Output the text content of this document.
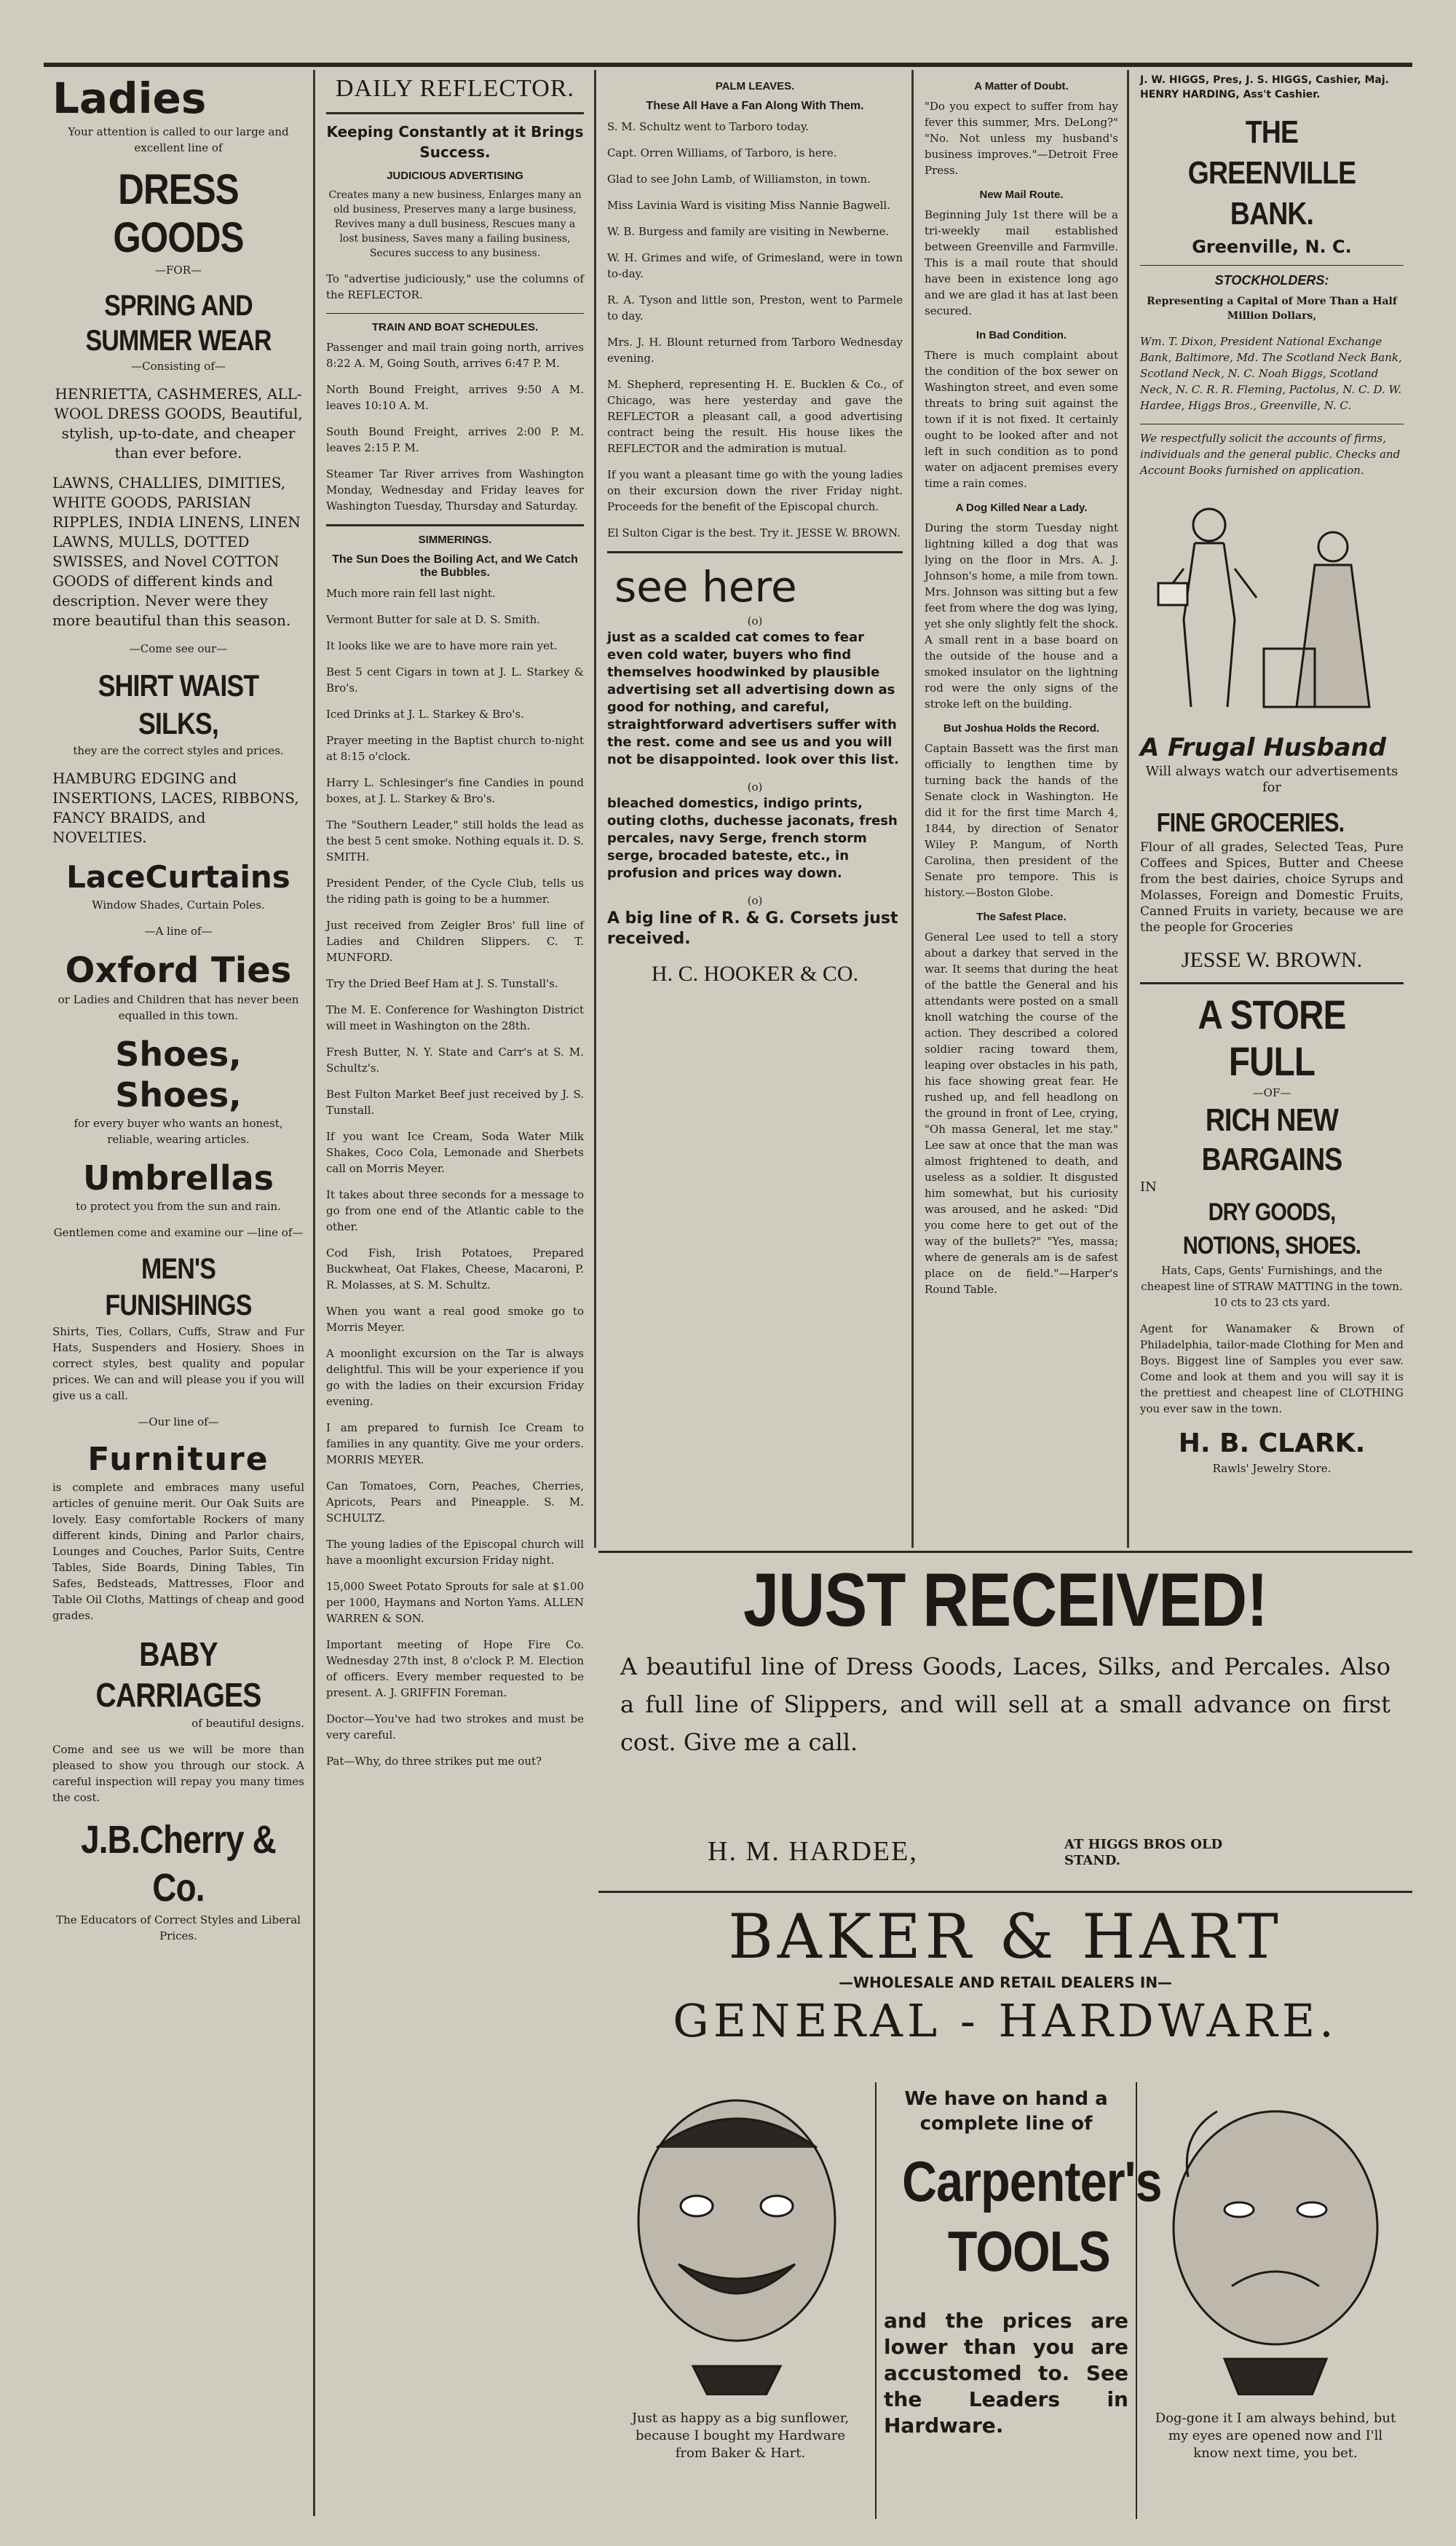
Ladies

Your attention is called to our large and excellent line of

DRESS GOODS

—FOR—

SPRING AND SUMMER WEAR

—Consisting of—

HENRIETTA, CASHMERES, ALL-WOOL DRESS GOODS, Beautiful, stylish, up-to-date, and cheaper than ever before.

LAWNS, CHALLIES, DIMITIES, WHITE GOODS, PARISIAN RIPPLES, INDIA LINENS, LINEN LAWNS, MULLS, DOTTED SWISSES, and Novel COTTON GOODS of different kinds and description. Never were they more beautiful than this season.

—Come see our—

SHIRT WAIST SILKS,

they are the correct styles and prices.

HAMBURG EDGING and INSERTIONS, LACES, RIBBONS, FANCY BRAIDS, and NOVELTIES.

LaceCurtains

Window Shades, Curtain Poles.

—A line of—

Oxford Ties

or Ladies and Children that has never been equalled in this town.

Shoes, Shoes,

for every buyer who wants an honest, reliable, wearing articles.

Umbrellas

to protect you from the sun and rain.

Gentlemen come and examine our —line of—

MEN'S FUNISHINGS

Shirts, Ties, Collars, Cuffs, Straw and Fur Hats, Suspenders and Hosiery. Shoes in correct styles, best quality and popular prices. We can and will please you if you will give us a call.

—Our line of—

Furniture

is complete and embraces many useful articles of genuine merit. Our Oak Suits are lovely. Easy comfortable Rockers of many different kinds, Dining and Parlor chairs, Lounges and Couches, Parlor Suits, Centre Tables, Side Boards, Dining Tables, Tin Safes, Bedsteads, Mattresses, Floor and Table Oil Cloths, Mattings of cheap and good grades.

BABY CARRIAGES

of beautiful designs.

Come and see us we will be more than pleased to show you through our stock. A careful inspection will repay you many times the cost.

J.B.Cherry & Co.

The Educators of Correct Styles and Liberal Prices.

DAILY REFLECTOR.
Keeping Constantly at it Brings Success.
JUDICIOUS ADVERTISING

Creates many a new business, Enlarges many an old business, Preserves many a large business, Revives many a dull business, Rescues many a lost business, Saves many a failing business, Secures success to any business.

To "advertise judiciously," use the columns of the REFLECTOR.

TRAIN AND BOAT SCHEDULES.

Passenger and mail train going north, arrives 8:22 A. M, Going South, arrives 6:47 P. M.

North Bound Freight, arrives 9:50 A M. leaves 10:10 A. M.

South Bound Freight, arrives 2:00 P. M. leaves 2:15 P. M.

Steamer Tar River arrives from Washington Monday, Wednesday and Friday leaves for Washington Tuesday, Thursday and Saturday.

SIMMERINGS.
The Sun Does the Boiling Act, and We Catch the Bubbles.

Much more rain fell last night.

Vermont Butter for sale at D. S. Smith.

It looks like we are to have more rain yet.

Best 5 cent Cigars in town at J. L. Starkey & Bro's.

Iced Drinks at J. L. Starkey & Bro's.

Prayer meeting in the Baptist church to-night at 8:15 o'clock.

Harry L. Schlesinger's fine Candies in pound boxes, at J. L. Starkey & Bro's.

The "Southern Leader," still holds the lead as the best 5 cent smoke. Nothing equals it. D. S. SMITH.

President Pender, of the Cycle Club, tells us the riding path is going to be a hummer.

Just received from Zeigler Bros' full line of Ladies and Children Slippers. C. T. MUNFORD.

Try the Dried Beef Ham at J. S. Tunstall's.

The M. E. Conference for Washington District will meet in Washington on the 28th.

Fresh Butter, N. Y. State and Carr's at S. M. Schultz's.

Best Fulton Market Beef just received by J. S. Tunstall.

If you want Ice Cream, Soda Water Milk Shakes, Coco Cola, Lemonade and Sherbets call on Morris Meyer.

It takes about three seconds for a message to go from one end of the Atlantic cable to the other.

Cod Fish, Irish Potatoes, Prepared Buckwheat, Oat Flakes, Cheese, Macaroni, P. R. Molasses, at S. M. Schultz.

When you want a real good smoke go to Morris Meyer.

A moonlight excursion on the Tar is always delightful. This will be your experience if you go with the ladies on their excursion Friday evening.

I am prepared to furnish Ice Cream to families in any quantity. Give me your orders. MORRIS MEYER.

Can Tomatoes, Corn, Peaches, Cherries, Apricots, Pears and Pineapple. S. M. SCHULTZ.

The young ladies of the Episcopal church will have a moonlight excursion Friday night.

15,000 Sweet Potato Sprouts for sale at $1.00 per 1000, Haymans and Norton Yams. ALLEN WARREN & SON.

Important meeting of Hope Fire Co. Wednesday 27th inst, 8 o'clock P. M. Election of officers. Every member requested to be present. A. J. GRIFFIN Foreman.

Doctor—You've had two strokes and must be very careful.

Pat—Why, do three strikes put me out?

PALM LEAVES.
These All Have a Fan Along With Them.

S. M. Schultz went to Tarboro today.

Capt. Orren Williams, of Tarboro, is here.

Glad to see John Lamb, of Williamston, in town.

Miss Lavinia Ward is visiting Miss Nannie Bagwell.

W. B. Burgess and family are visiting in Newberne.

W. H. Grimes and wife, of Grimesland, were in town to-day.

R. A. Tyson and little son, Preston, went to Parmele to day.

Mrs. J. H. Blount returned from Tarboro Wednesday evening.

M. Shepherd, representing H. E. Bucklen & Co., of Chicago, was here yesterday and gave the REFLECTOR a pleasant call, a good advertising contract being the result. His house likes the REFLECTOR and the admiration is mutual.

If you want a pleasant time go with the young ladies on their excursion down the river Friday night. Proceeds for the benefit of the Episcopal church.

El Sulton Cigar is the best. Try it. JESSE W. BROWN.

see here
(o)

just as a scalded cat comes to fear even cold water, buyers who find themselves hoodwinked by plausible advertising set all advertising down as good for nothing, and careful, straightforward advertisers suffer with the rest. come and see us and you will not be disappointed. look over this list.

(o)

bleached domestics, indigo prints, outing cloths, duchesse jaconats, fresh percales, navy Serge, french storm serge, brocaded bateste, etc., in profusion and prices way down.

(o)

A big line of R. & G. Corsets just received.

H. C. HOOKER & CO.
A Matter of Doubt.

"Do you expect to suffer from hay fever this summer, Mrs. DeLong?" "No. Not unless my husband's business improves."—Detroit Free Press.

New Mail Route.

Beginning July 1st there will be a tri-weekly mail established between Greenville and Farmville. This is a mail route that should have been in existence long ago and we are glad it has at last been secured.

In Bad Condition.

There is much complaint about the condition of the box sewer on Washington street, and even some threats to bring suit against the town if it is not fixed. It certainly ought to be looked after and not left in such condition as to pond water on adjacent premises every time a rain comes.

A Dog Killed Near a Lady.

During the storm Tuesday night lightning killed a dog that was lying on the floor in Mrs. A. J. Johnson's home, a mile from town. Mrs. Johnson was sitting but a few feet from where the dog was lying, yet she only slightly felt the shock. A small rent in a base board on the outside of the house and a smoked insulator on the lightning rod were the only signs of the stroke left on the building.

But Joshua Holds the Record.

Captain Bassett was the first man officially to lengthen time by turning back the hands of the Senate clock in Washington. He did it for the first time March 4, 1844, by direction of Senator Wiley P. Mangum, of North Carolina, then president of the Senate pro tempore. This is history.—Boston Globe.

The Safest Place.

General Lee used to tell a story about a darkey that served in the war. It seems that during the heat of the battle the General and his attendants were posted on a small knoll watching the course of the action. They described a colored soldier racing toward them, leaping over obstacles in his path, his face showing great fear. He rushed up, and fell headlong on the ground in front of Lee, crying, "Oh massa General, let me stay." Lee saw at once that the man was almost frightened to death, and useless as a soldier. It disgusted him somewhat, but his curiosity was aroused, and he asked: "Did you come here to get out of the way of the bullets?" "Yes, massa; where de generals am is de safest place on de field."—Harper's Round Table.

J. W. HIGGS, Pres, J. S. HIGGS, Cashier, Maj. HENRY HARDING, Ass't Cashier.

THE GREENVILLE BANK.
Greenville, N. C.
STOCKHOLDERS:

Representing a Capital of More Than a Half Million Dollars,

Wm. T. Dixon, President National Exchange Bank, Baltimore, Md. The Scotland Neck Bank, Scotland Neck, N. C. Noah Biggs, Scotland Neck, N. C. R. R. Fleming, Pactolus, N. C. D. W. Hardee, Higgs Bros., Greenville, N. C.

We respectfully solicit the accounts of firms, individuals and the general public. Checks and Account Books furnished on application.

A Frugal Husband

Will always watch our advertisements for

FINE GROCERIES.

Flour of all grades, Selected Teas, Pure Coffees and Spices, Butter and Cheese from the best dairies, choice Syrups and Molasses, Foreign and Domestic Fruits, Canned Fruits in variety, because we are the people for Groceries

JESSE W. BROWN.
A STORE FULL
—OF—
RICH NEW BARGAINS
IN
DRY GOODS, NOTIONS, SHOES.

Hats, Caps, Gents' Furnishings, and the cheapest line of STRAW MATTING in the town. 10 cts to 23 cts yard.

Agent for Wanamaker & Brown of Philadelphia, tailor-made Clothing for Men and Boys. Biggest line of Samples you ever saw. Come and look at them and you will say it is the prettiest and cheapest line of CLOTHING you ever saw in the town.

H. B. CLARK.

Rawls' Jewelry Store.

JUST RECEIVED!

A beautiful line of Dress Goods, Laces, Silks, and Percales. Also a full line of Slippers, and will sell at a small advance on first cost. Give me a call.

H. M. HARDEE,	AT HIGGS BROS OLD STAND.
BAKER & HART
—WHOLESALE AND RETAIL DEALERS IN—
GENERAL - HARDWARE.

Just as happy as a big sunflower, because I bought my Hardware from Baker & Hart.

We have on hand a complete line of

Carpenter's
TOOLS

and the prices are lower than you are accustomed to. See the Leaders in Hardware.	Dog-gone it I am always behind, but my eyes are opened now and I'll know next time, you bet.
